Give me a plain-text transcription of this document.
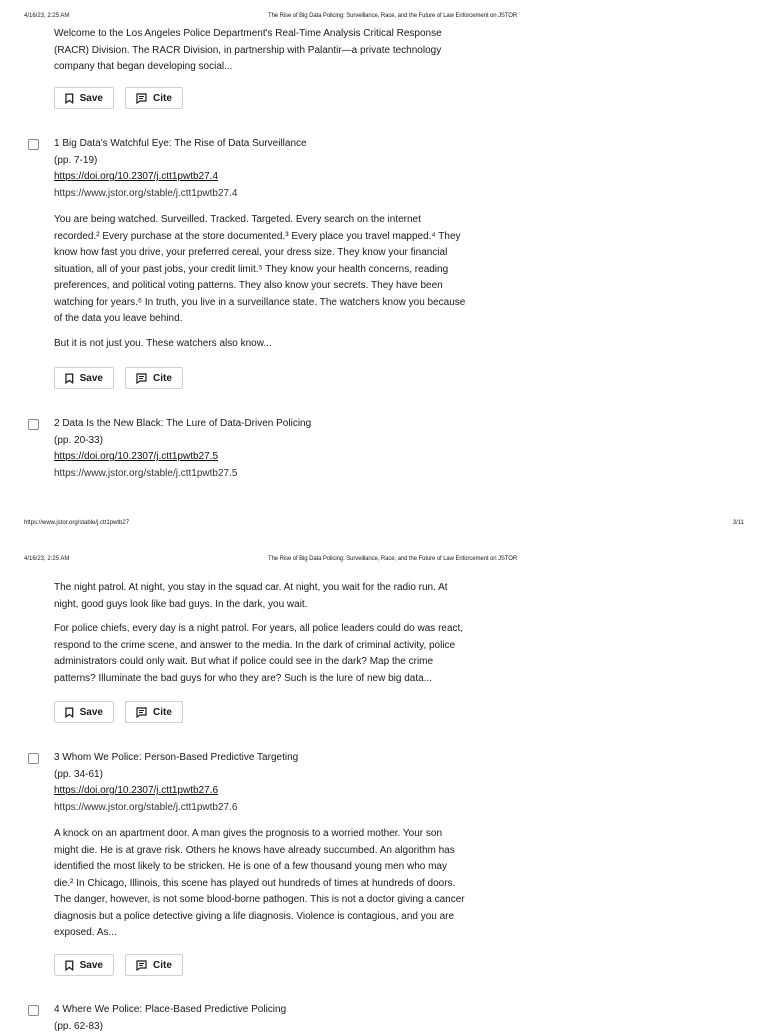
4/16/23, 2:25 AM	The Rise of Big Data Policing: Surveillance, Race, and the Future of Law Enforcement on JSTOR
Welcome to the Los Angeles Police Department's Real-Time Analysis Critical Response
(RACR) Division. The RACR Division, in partnership with Palantir—a private technology
company that began developing social...
Save	Cite
1 Big Data's Watchful Eye: The Rise of Data Surveillance
(pp. 7-19)
https://doi.org/10.2307/j.ctt1pwtb27.4
https://www.jstor.org/stable/j.ctt1pwtb27.4
You are being watched. Surveilled. Tracked. Targeted. Every search on the internet
recorded.² Every purchase at the store documented.³ Every place you travel mapped.⁴ They
know how fast you drive, your preferred cereal, your dress size. They know your financial
situation, all of your past jobs, your credit limit.⁵ They know your health concerns, reading
preferences, and political voting patterns. They also know your secrets. They have been
watching for years.⁶ In truth, you live in a surveillance state. The watchers know you because
of the data you leave behind.
But it is not just you. These watchers also know...
Save	Cite
2 Data Is the New Black: The Lure of Data-Driven Policing
(pp. 20-33)
https://doi.org/10.2307/j.ctt1pwtb27.5
https://www.jstor.org/stable/j.ctt1pwtb27.5
https://www.jstor.org/stable/j.ctt1pwtb27	3/11
4/16/23, 2:25 AM	The Rise of Big Data Policing: Surveillance, Race, and the Future of Law Enforcement on JSTOR
The night patrol. At night, you stay in the squad car. At night, you wait for the radio run. At
night, good guys look like bad guys. In the dark, you wait.
For police chiefs, every day is a night patrol. For years, all police leaders could do was react,
respond to the crime scene, and answer to the media. In the dark of criminal activity, police
administrators could only wait. But what if police could see in the dark? Map the crime
patterns? Illuminate the bad guys for who they are? Such is the lure of new big data...
Save	Cite
3 Whom We Police: Person-Based Predictive Targeting
(pp. 34-61)
https://doi.org/10.2307/j.ctt1pwtb27.6
https://www.jstor.org/stable/j.ctt1pwtb27.6
A knock on an apartment door. A man gives the prognosis to a worried mother. Your son
might die. He is at grave risk. Others he knows have already succumbed. An algorithm has
identified the most likely to be stricken. He is one of a few thousand young men who may
die.² In Chicago, Illinois, this scene has played out hundreds of times at hundreds of doors.
The danger, however, is not some blood-borne pathogen. This is not a doctor giving a cancer
diagnosis but a police detective giving a life diagnosis. Violence is contagious, and you are
exposed. As...
Save	Cite
4 Where We Police: Place-Based Predictive Policing
(pp. 62-83)
